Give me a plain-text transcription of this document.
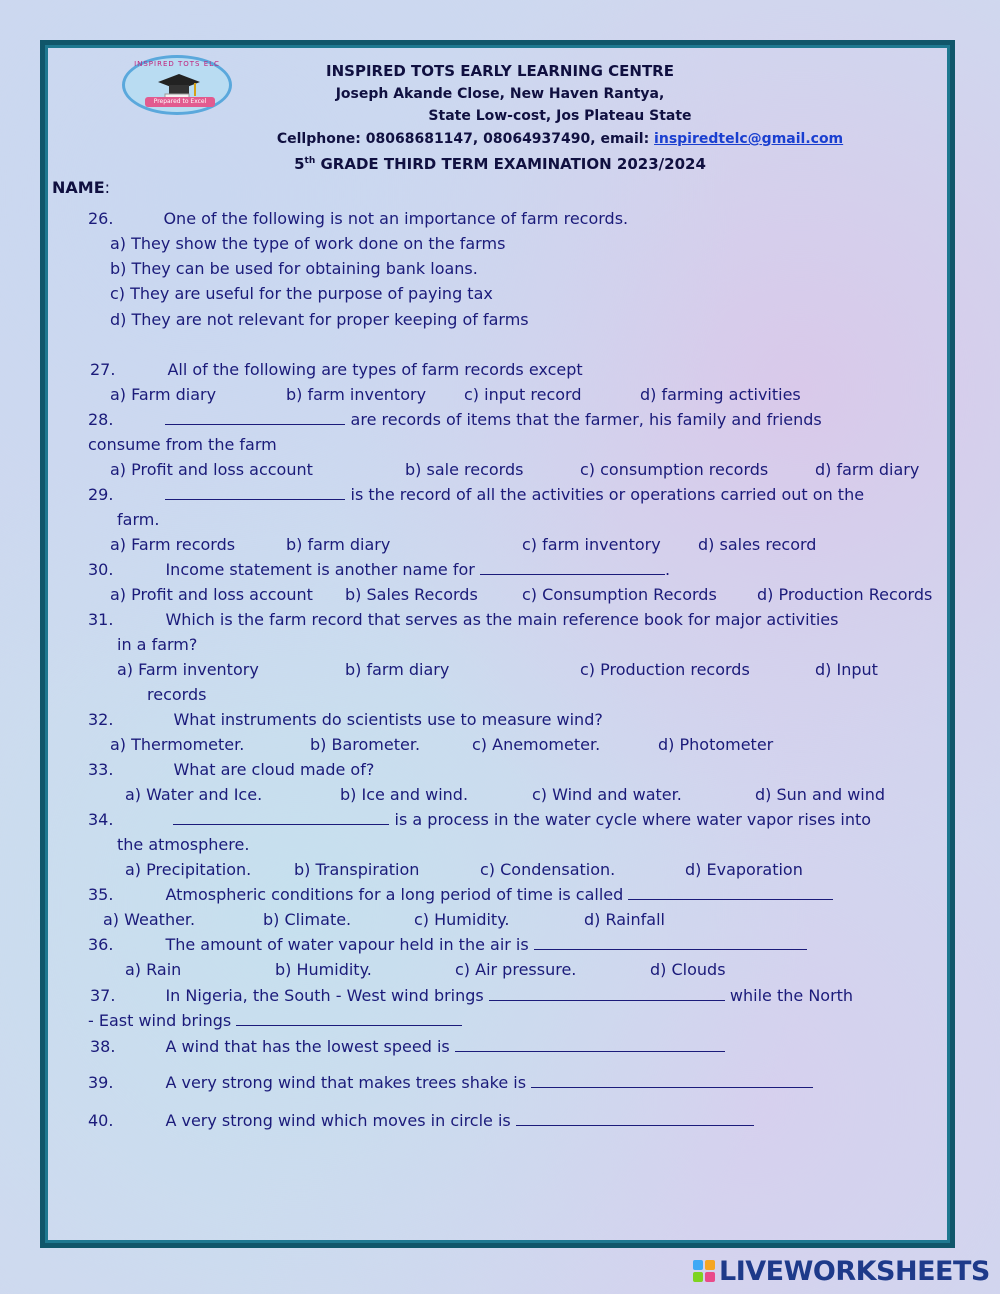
INSPIRED TOTS ELC
Prepared to Excel
INSPIRED TOTS EARLY LEARNING CENTRE
Joseph Akande Close, New Haven Rantya,
State Low-cost, Jos Plateau State
Cellphone: 08068681147, 08064937490, email: inspiredtelc@gmail.com
5th GRADE THIRD TERM EXAMINATION 2023/2024
NAME:
26.	One of the following is not an importance of farm records.
a) They show the type of work done on the farms
b) They can be used for obtaining bank loans.
c) They are useful for the purpose of paying tax
d) They are not relevant for proper keeping of farms
27.	All of the following are types of farm records except
a) Farm diary	b) farm inventory c) input record	d) farming activities
28.	are records of items that the farmer, his family and friends
consume from the farm
a) Profit and loss account	b) sale records	c) consumption records	d) farm diary
29.	is the record of all the activities or operations carried out on the
farm.
a) Farm records	b) farm diary	c) farm inventory d) sales record
30.	Income statement is another name for	.
a) Profit and loss account b) Sales Records	c) Consumption Records	d) Production Records
31.	Which is the farm record that serves as the main reference book for major activities
in a farm?
a) Farm inventory	b) farm diary	c) Production records	d) Input
records
32.	What instruments do scientists use to measure wind?
a) Thermometer.	b) Barometer.	c) Anemometer.	d) Photometer
33.	What are cloud made of?
a) Water and Ice.	b) Ice and wind.	c) Wind and water.	d) Sun and wind
34.	is a process in the water cycle where water vapor rises into
the atmosphere.
a) Precipitation.	b) Transpiration	c) Condensation.	d) Evaporation
35.	Atmospheric conditions for a long period of time is called
a) Weather.	b) Climate.	c) Humidity.	d) Rainfall
36.	The amount of water vapour held in the air is
a) Rain	b) Humidity.	c) Air pressure.	d) Clouds
37.	In Nigeria, the South - West wind brings	while the North
- East wind brings
38.	A wind that has the lowest speed is
39.	A very strong wind that makes trees shake is
40.	A very strong wind which moves in circle is
LIVEWORKSHEETS
